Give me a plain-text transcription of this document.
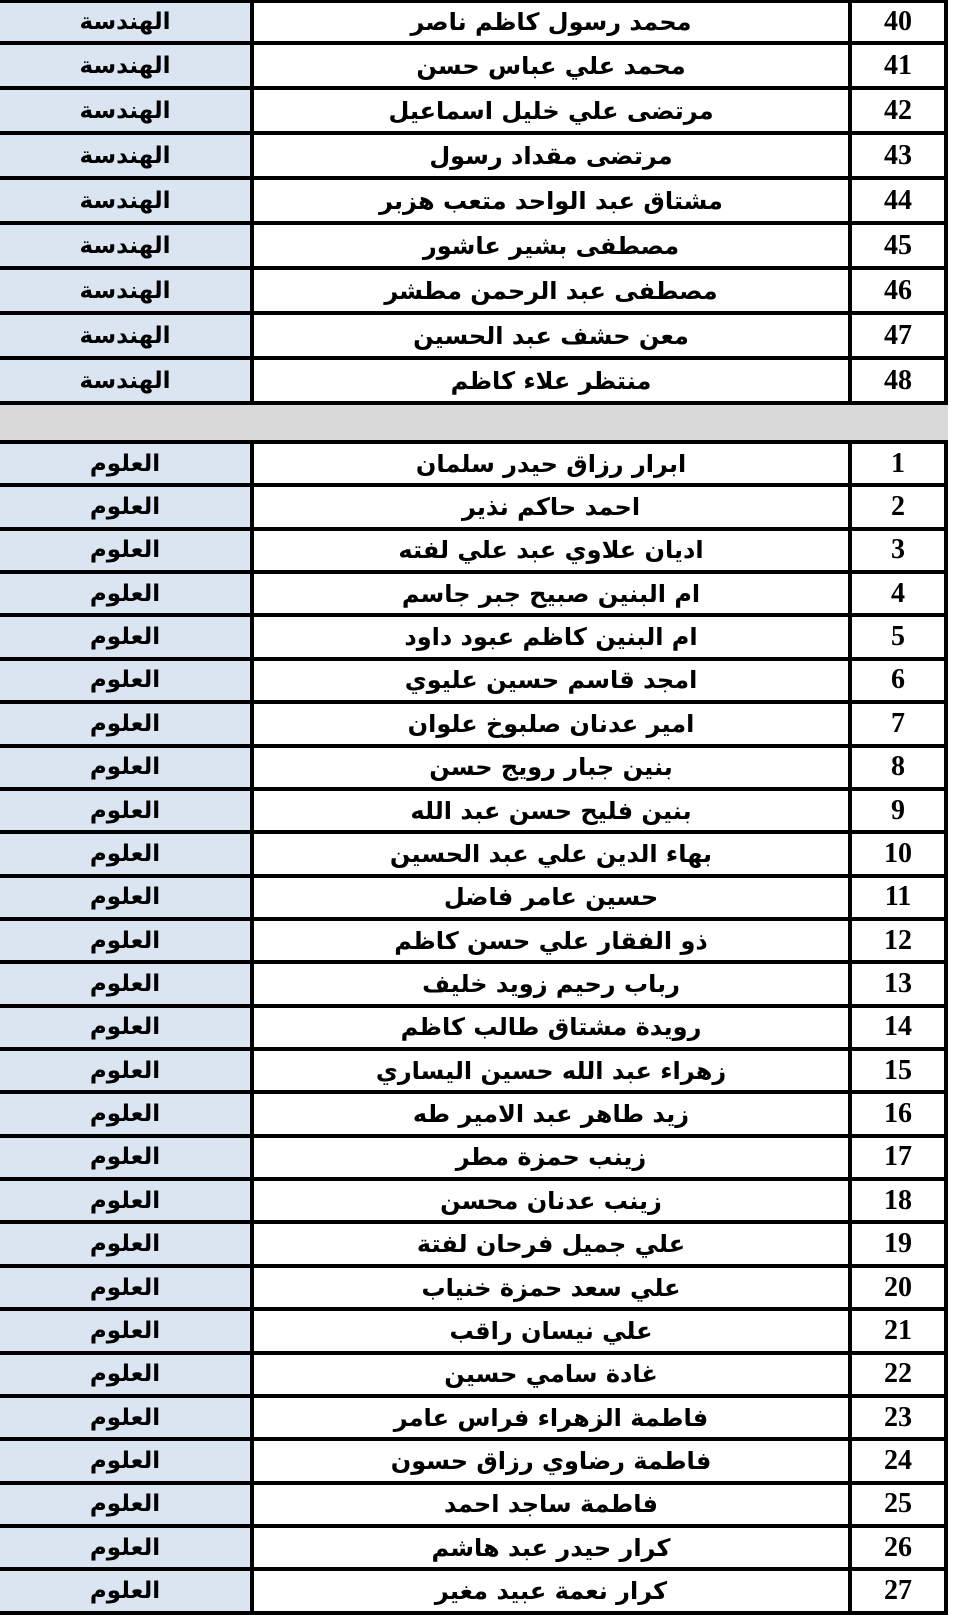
الهندسة	محمد رسول كاظم ناصر	40
الهندسة	محمد علي عباس حسن	41
الهندسة	مرتضى علي خليل اسماعيل	42
الهندسة	مرتضى مقداد رسول	43
الهندسة	مشتاق عبد الواحد متعب هزبر	44
الهندسة	مصطفى بشير عاشور	45
الهندسة	مصطفى عبد الرحمن مطشر	46
الهندسة	معن حشف عبد الحسين	47
الهندسة	منتظر علاء كاظم	48
العلوم	ابرار رزاق حيدر سلمان	1
العلوم	احمد حاكم نذير	2
العلوم	اديان علاوي عبد علي لفته	3
العلوم	ام البنين صبيح جبر جاسم	4
العلوم	ام البنين كاظم عبود داود	5
العلوم	امجد قاسم حسين عليوي	6
العلوم	امير عدنان صلبوخ علوان	7
العلوم	بنين جبار رويج حسن	8
العلوم	بنين فليح حسن عبد الله	9
العلوم	بهاء الدين علي عبد الحسين	10
العلوم	حسين عامر فاضل	11
العلوم	ذو الفقار علي حسن كاظم	12
العلوم	رباب رحيم زويد خليف	13
العلوم	رويدة مشتاق طالب كاظم	14
العلوم	زهراء عبد الله حسين اليساري	15
العلوم	زيد طاهر عبد الامير طه	16
العلوم	زينب حمزة مطر	17
العلوم	زينب عدنان محسن	18
العلوم	علي جميل فرحان لفتة	19
العلوم	علي سعد حمزة خنياب	20
العلوم	علي نيسان راقب	21
العلوم	غادة سامي حسين	22
العلوم	فاطمة الزهراء فراس عامر	23
العلوم	فاطمة رضاوي رزاق حسون	24
العلوم	فاطمة ساجد احمد	25
العلوم	كرار حيدر عبد هاشم	26
العلوم	كرار نعمة عبيد مغير	27
